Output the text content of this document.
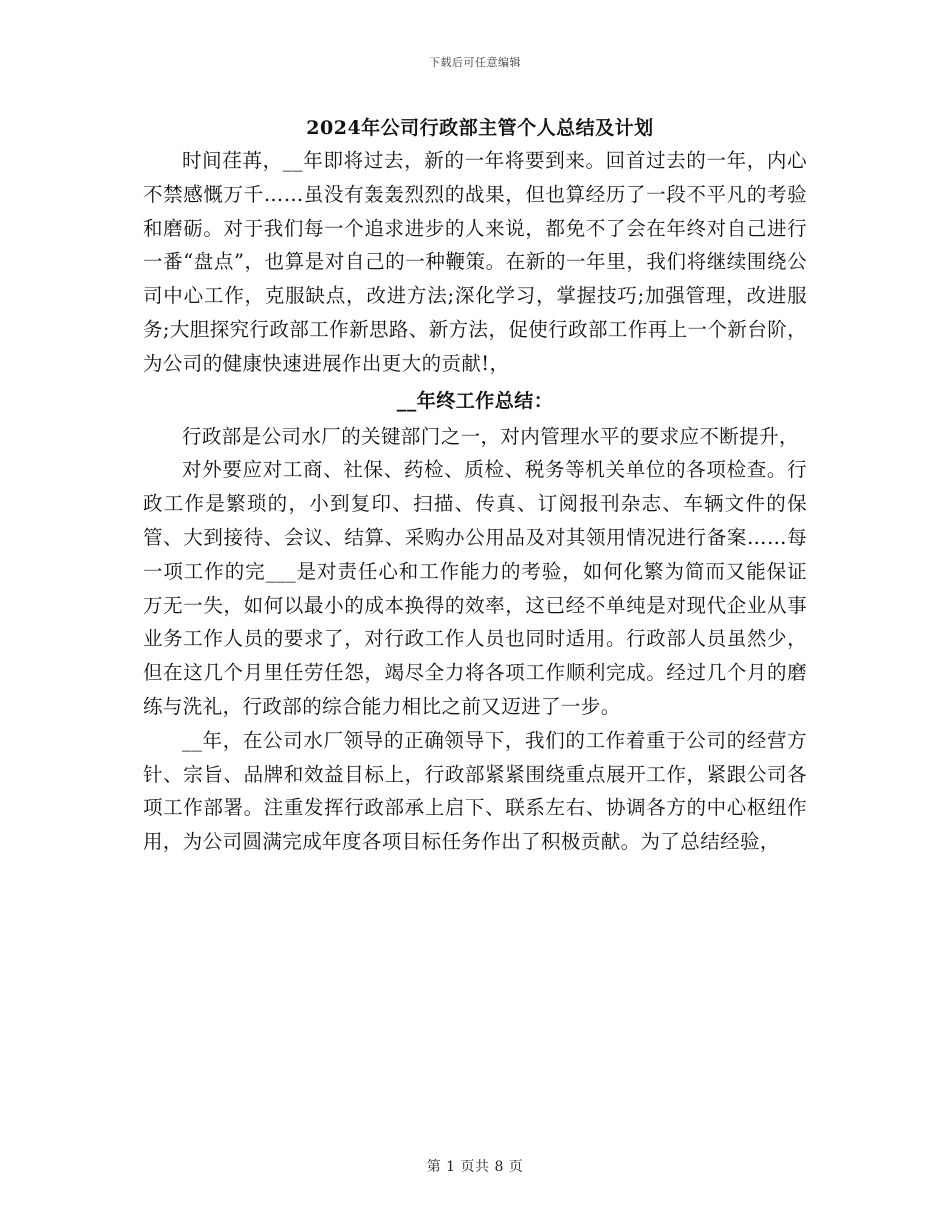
下载后可任意编辑
2024年公司行政部主管个人总结及计划

时间荏苒，__年即将过去，新的一年将要到来。回首过去的一年，内心不禁感慨万千……虽没有轰轰烈烈的战果，但也算经历了一段不平凡的考验和磨砺。对于我们每一个追求进步的人来说，都免不了会在年终对自己进行一番“盘点”，也算是对自己的一种鞭策。在新的一年里，我们将继续围绕公司中心工作，克服缺点，改进方法;深化学习，掌握技巧;加强管理，改进服务;大胆探究行政部工作新思路、新方法，促使行政部工作再上一个新台阶，为公司的健康快速进展作出更大的贡献!，

__年终工作总结：

行政部是公司水厂的关键部门之一，对内管理水平的要求应不断提升，

对外要应对工商、社保、药检、质检、税务等机关单位的各项检查。行政工作是繁琐的，小到复印、扫描、传真、订阅报刊杂志、车辆文件的保管、大到接待、会议、结算、采购办公用品及对其领用情况进行备案……每一项工作的完___是对责任心和工作能力的考验，如何化繁为简而又能保证万无一失，如何以最小的成本换得的效率，这已经不单纯是对现代企业从事业务工作人员的要求了，对行政工作人员也同时适用。行政部人员虽然少，但在这几个月里任劳任怨，竭尽全力将各项工作顺利完成。经过几个月的磨练与洗礼，行政部的综合能力相比之前又迈进了一步。

__年，在公司水厂领导的正确领导下，我们的工作着重于公司的经营方针、宗旨、品牌和效益目标上，行政部紧紧围绕重点展开工作，紧跟公司各项工作部署。注重发挥行政部承上启下、联系左右、协调各方的中心枢纽作用，为公司圆满完成年度各项目标任务作出了积极贡献。为了总结经验，

第 1 页共 8 页
